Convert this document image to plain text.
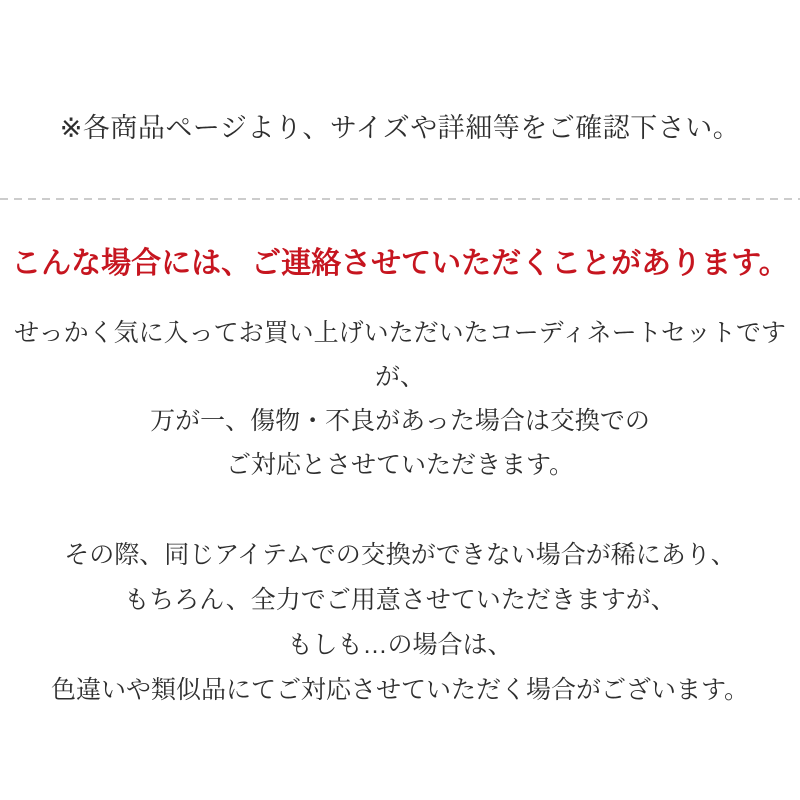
※各商品ページより、サイズや詳細等をご確認下さい。

こんな場合には、ご連絡させていただくことがあります。

せっかく気に入ってお買い上げいただいたコーディネートセットですが、

万が一、傷物・不良があった場合は交換での

ご対応とさせていただきます。

その際、同じアイテムでの交換ができない場合が稀にあり、

もちろん、全力でご用意させていただきますが、

もしも…の場合は、

色違いや類似品にてご対応させていただく場合がございます。
